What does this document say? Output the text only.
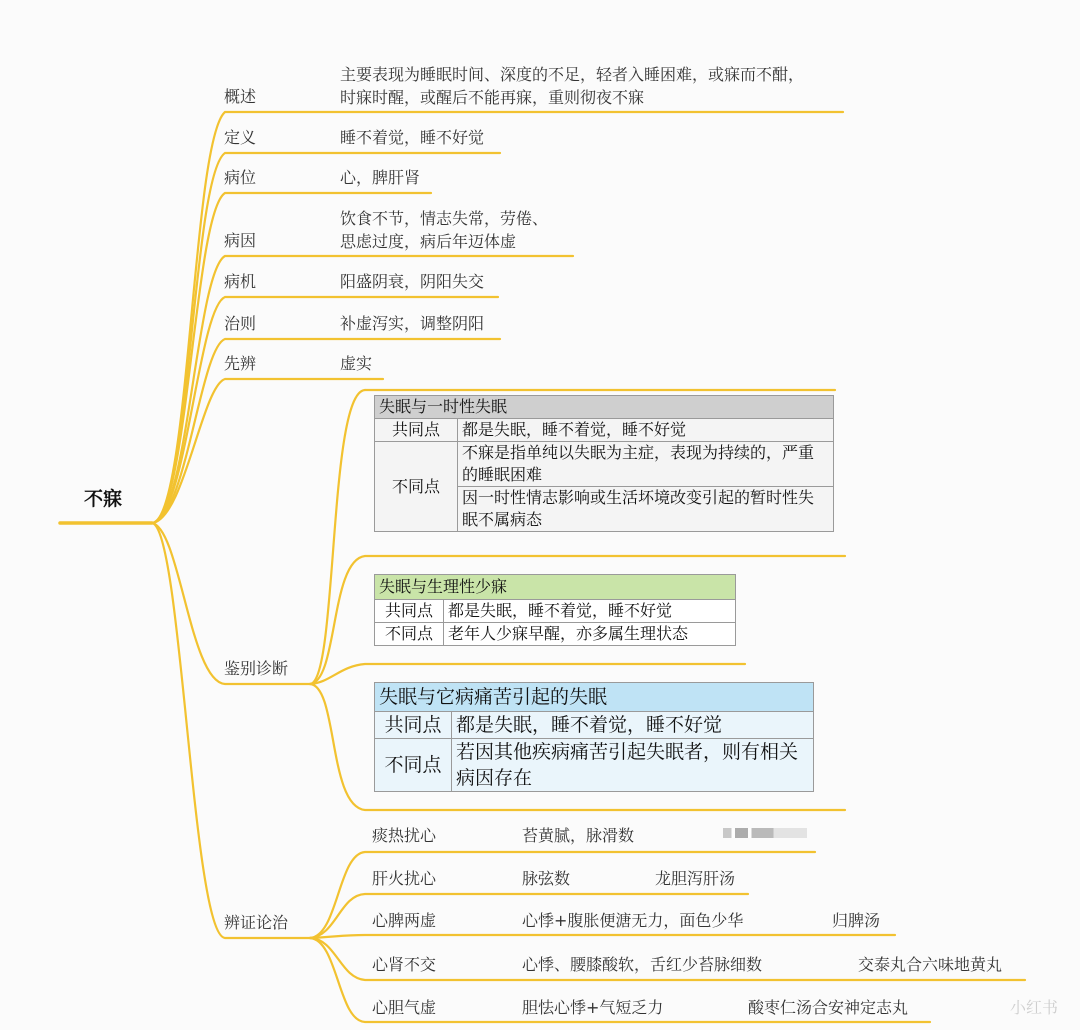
不寐
概述
定义
病位
病因
病机
治则
先辨
鉴别诊断
辨证论治
主要表现为睡眠时间、深度的不足，轻者入睡困难，或寐而不酣，
时寐时醒，或醒后不能再寐，重则彻夜不寐
睡不着觉，睡不好觉
心，脾肝肾
饮食不节，情志失常，劳倦、
思虑过度，病后年迈体虚
阳盛阴衰，阴阳失交
补虚泻实，调整阴阳
虚实
失眠与一时性失眠	
共同点	都是失眠，睡不着觉，睡不好觉
不同点	不寐是指单纯以失眠为主症，表现为持续的，严重的睡眠困难
	因一时性情志影响或生活坏境改变引起的暂时性失眠不属病态
失眠与生理性少寐	
共同点	都是失眠，睡不着觉，睡不好觉
不同点	老年人少寐早醒，亦多属生理状态
失眠与它病痛苦引起的失眠	
共同点	都是失眠，睡不着觉，睡不好觉
不同点	若因其他疾病痛苦引起失眠者，则有相关病因存在
痰热扰心	苔黄腻，脉滑数
肝火扰心	脉弦数	龙胆泻肝汤
心脾两虚	心悸+腹胀便溏无力，面色少华	归脾汤
心肾不交	心悸、腰膝酸软，舌红少苔脉细数	交泰丸合六味地黄丸
心胆气虚	胆怯心悸+气短乏力	酸枣仁汤合安神定志丸	小红书
